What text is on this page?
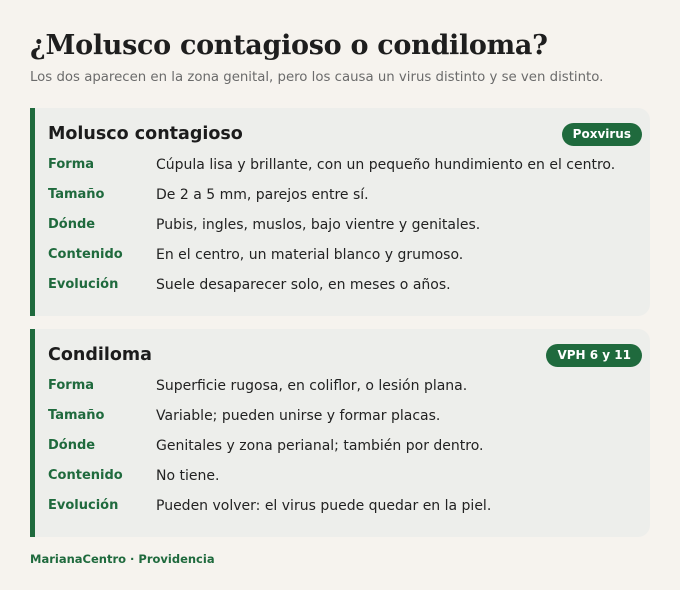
¿Molusco contagioso o condiloma?
Los dos aparecen en la zona genital, pero los causa un virus distinto y se ven distinto.
Molusco contagioso	Poxvirus
Forma	Cúpula lisa y brillante, con un pequeño hundimiento en el centro.
Tamaño	De 2 a 5 mm, parejos entre sí.
Dónde	Pubis, ingles, muslos, bajo vientre y genitales.
Contenido En el centro, un material blanco y grumoso.
Evolución	Suele desaparecer solo, en meses o años.
Condiloma	VPH 6 y 11
Forma	Superficie rugosa, en coliflor, o lesión plana.
Tamaño	Variable; pueden unirse y formar placas.
Dónde	Genitales y zona perianal; también por dentro.
Contenido No tiene.
Evolución	Pueden volver: el virus puede quedar en la piel.
MarianaCentro · Providencia
